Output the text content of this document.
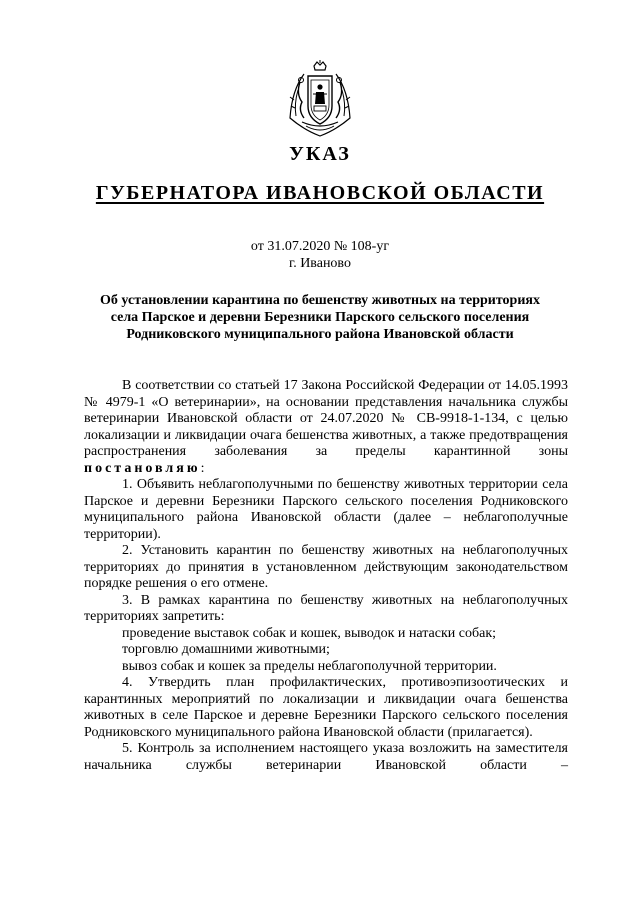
УКАЗ
ГУБЕРНАТОРА ИВАНОВСКОЙ ОБЛАСТИ
от 31.07.2020 № 108-уг
г. Иваново
Об установлении карантина по бешенству животных на территориях
села Парское и деревни Березники Парского сельского поселения
Родниковского муниципального района Ивановской области

В соответствии со статьей 17 Закона Российской Федерации от 14.05.1993 № 4979-1 «О ветеринарии», на основании представления начальника службы ветеринарии Ивановской области от 24.07.2020 № СВ-9918-1-134, с целью локализации и ликвидации очага бешенства животных, а также предотвращения распространения заболевания за пределы карантинной зоны постановляю:

1. Объявить неблагополучными по бешенству животных территории села Парское и деревни Березники Парского сельского поселения Родниковского муниципального района Ивановской области (далее – неблагополучные территории).

2. Установить карантин по бешенству животных на неблагополучных территориях до принятия в установленном действующим законодательством порядке решения о его отмене.

3. В рамках карантина по бешенству животных на неблагополучных территориях запретить:

проведение выставок собак и кошек, выводок и натаски собак;

торговлю домашними животными;

вывоз собак и кошек за пределы неблагополучной территории.

4. Утвердить план профилактических, противоэпизоотических и карантинных мероприятий по локализации и ликвидации очага бешенства животных в селе Парское и деревне Березники Парского сельского поселения Родниковского муниципального района Ивановской области (прилагается).

5. Контроль за исполнением настоящего указа возложить на заместителя начальника службы ветеринарии Ивановской области –
